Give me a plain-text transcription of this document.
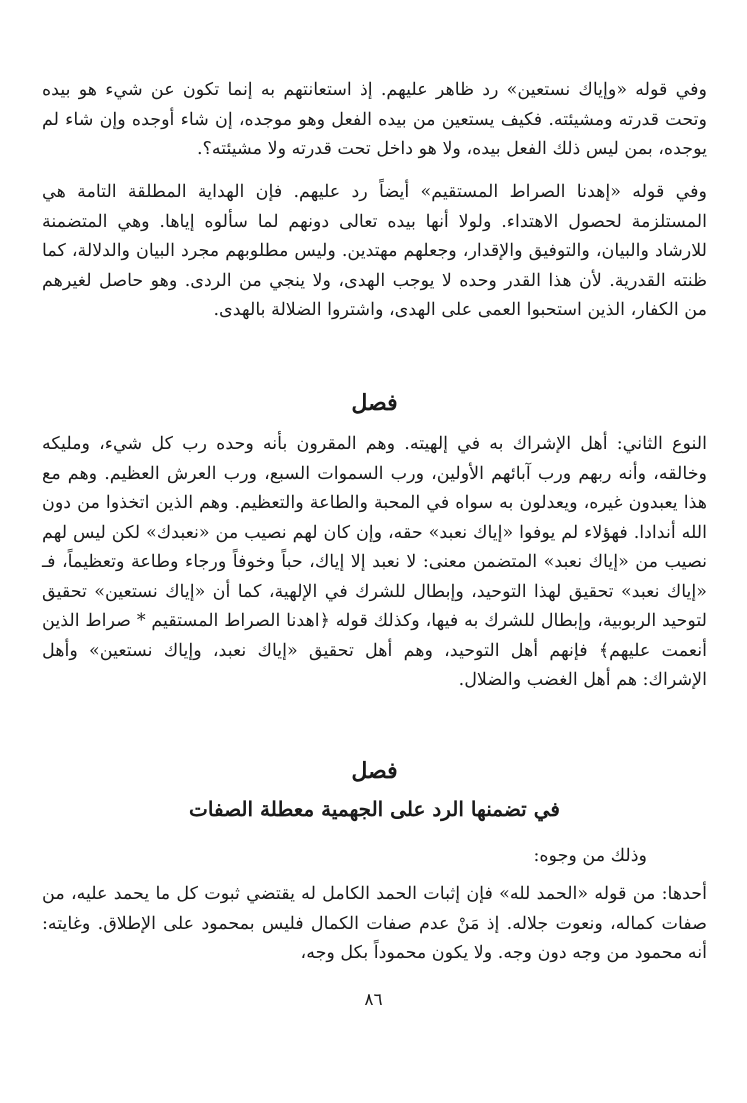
وفي قوله «وإياك نستعين» رد ظاهر عليهم. إذ استعانتهم به إنما تكون عن شيء هو بيده وتحت قدرته ومشيئته. فكيف يستعين من بيده الفعل وهو موجده، إن شاء أوجده وإن شاء لم يوجده، بمن ليس ذلك الفعل بيده، ولا هو داخل تحت قدرته ولا مشيئته؟.

وفي قوله «إهدنا الصراط المستقيم» أيضاً رد عليهم. فإن الهداية المطلقة التامة هي المستلزمة لحصول الاهتداء. ولولا أنها بيده تعالى دونهم لما سألوه إياها. وهي المتضمنة للارشاد والبيان، والتوفيق والإقدار، وجعلهم مهتدين. وليس مطلوبهم مجرد البيان والدلالة، كما ظنته القدرية. لأن هذا القدر وحده لا يوجب الهدى، ولا ينجي من الردى. وهو حاصل لغيرهم من الكفار، الذين استحبوا العمى على الهدى، واشتروا الضلالة بالهدى.

فصل

النوع الثاني: أهل الإشراك به في إلهيته. وهم المقرون بأنه وحده رب كل شيء، ومليكه وخالقه، وأنه ربهم ورب آبائهم الأولين، ورب السموات السبع، ورب العرش العظيم. وهم مع هذا يعبدون غيره، ويعدلون به سواه في المحبة والطاعة والتعظيم. وهم الذين اتخذوا من دون الله أندادا. فهؤلاء لم يوفوا «إياك نعبد» حقه، وإن كان لهم نصيب من «نعبدك» لكن ليس لهم نصيب من «إياك نعبد» المتضمن معنى: لا نعبد إلا إياك، حباً وخوفاً ورجاء وطاعة وتعظيماً، فـ «إياك نعبد» تحقيق لهذا التوحيد، وإبطال للشرك في الإلهية، كما أن «إياك نستعين» تحقيق لتوحيد الربوبية، وإبطال للشرك به فيها، وكذلك قوله ﴿اهدنا الصراط المستقيم * صراط الذين أنعمت عليهم﴾ فإنهم أهل التوحيد، وهم أهل تحقيق «إياك نعبد، وإياك نستعين» وأهل الإشراك: هم أهل الغضب والضلال.

فصل
في تضمنها الرد على الجهمية معطلة الصفات

وذلك من وجوه:

أحدها: من قوله «الحمد لله» فإن إثبات الحمد الكامل له يقتضي ثبوت كل ما يحمد عليه، من صفات كماله، ونعوت جلاله. إذ مَنْ عدم صفات الكمال فليس بمحمود على الإطلاق. وغايته: أنه محمود من وجه دون وجه. ولا يكون محموداً بكل وجه،

٨٦
